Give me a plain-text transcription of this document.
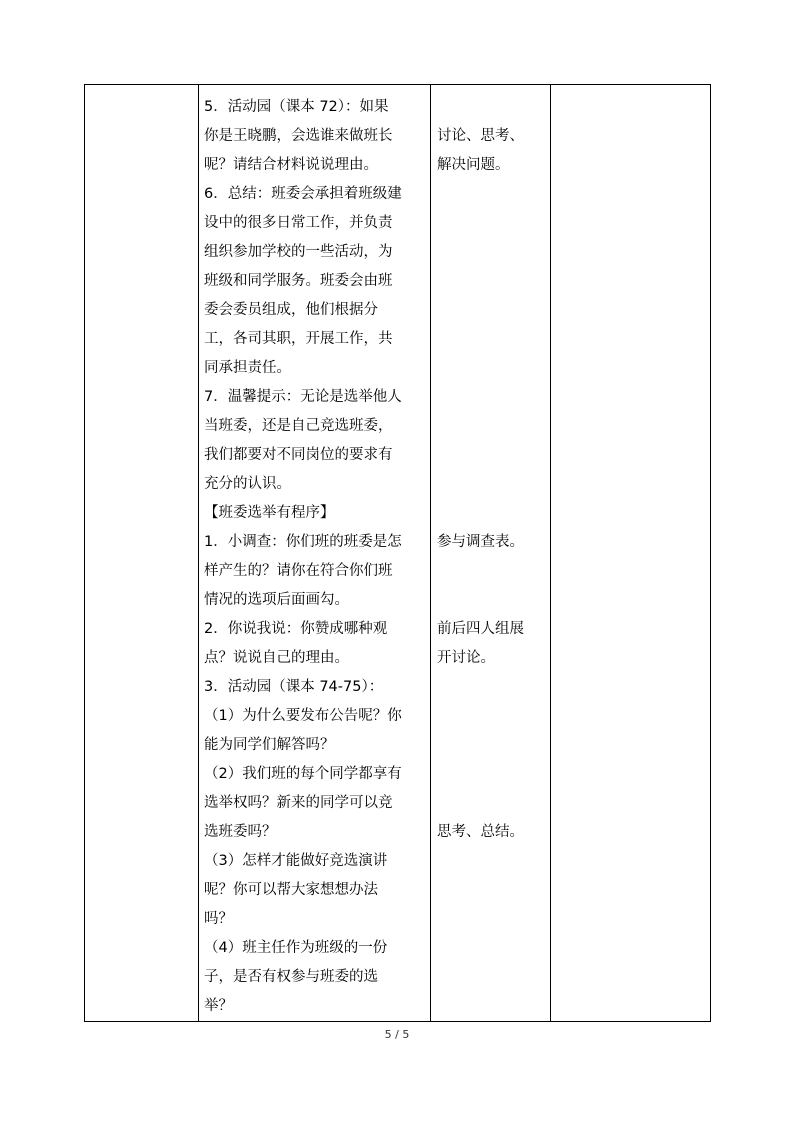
5．活动园（课本 72）：如果
你是王晓鹏，会选谁来做班长
呢？请结合材料说说理由。
6．总结：班委会承担着班级建
设中的很多日常工作，并负责
组织参加学校的一些活动，为
班级和同学服务。班委会由班
委会委员组成，他们根据分
工，各司其职，开展工作，共
同承担责任。
7．温馨提示：无论是选举他人
当班委，还是自己竞选班委，
我们都要对不同岗位的要求有
充分的认识。
【班委选举有程序】
1．小调查：你们班的班委是怎
样产生的？请你在符合你们班
情况的选项后面画勾。
2．你说我说：你赞成哪种观
点？说说自己的理由。
3．活动园（课本 74-75）：
（1）为什么要发布公告呢？你
能为同学们解答吗？
（2）我们班的每个同学都享有
选举权吗？新来的同学可以竞
选班委吗？
（3）怎样才能做好竞选演讲
呢？你可以帮大家想想办法
吗？
（4）班主任作为班级的一份
子，是否有权参与班委的选
举？
讨论、思考、
解决问题。
参与调查表。
前后四人组展
开讨论。
思考、总结。
5 / 5
